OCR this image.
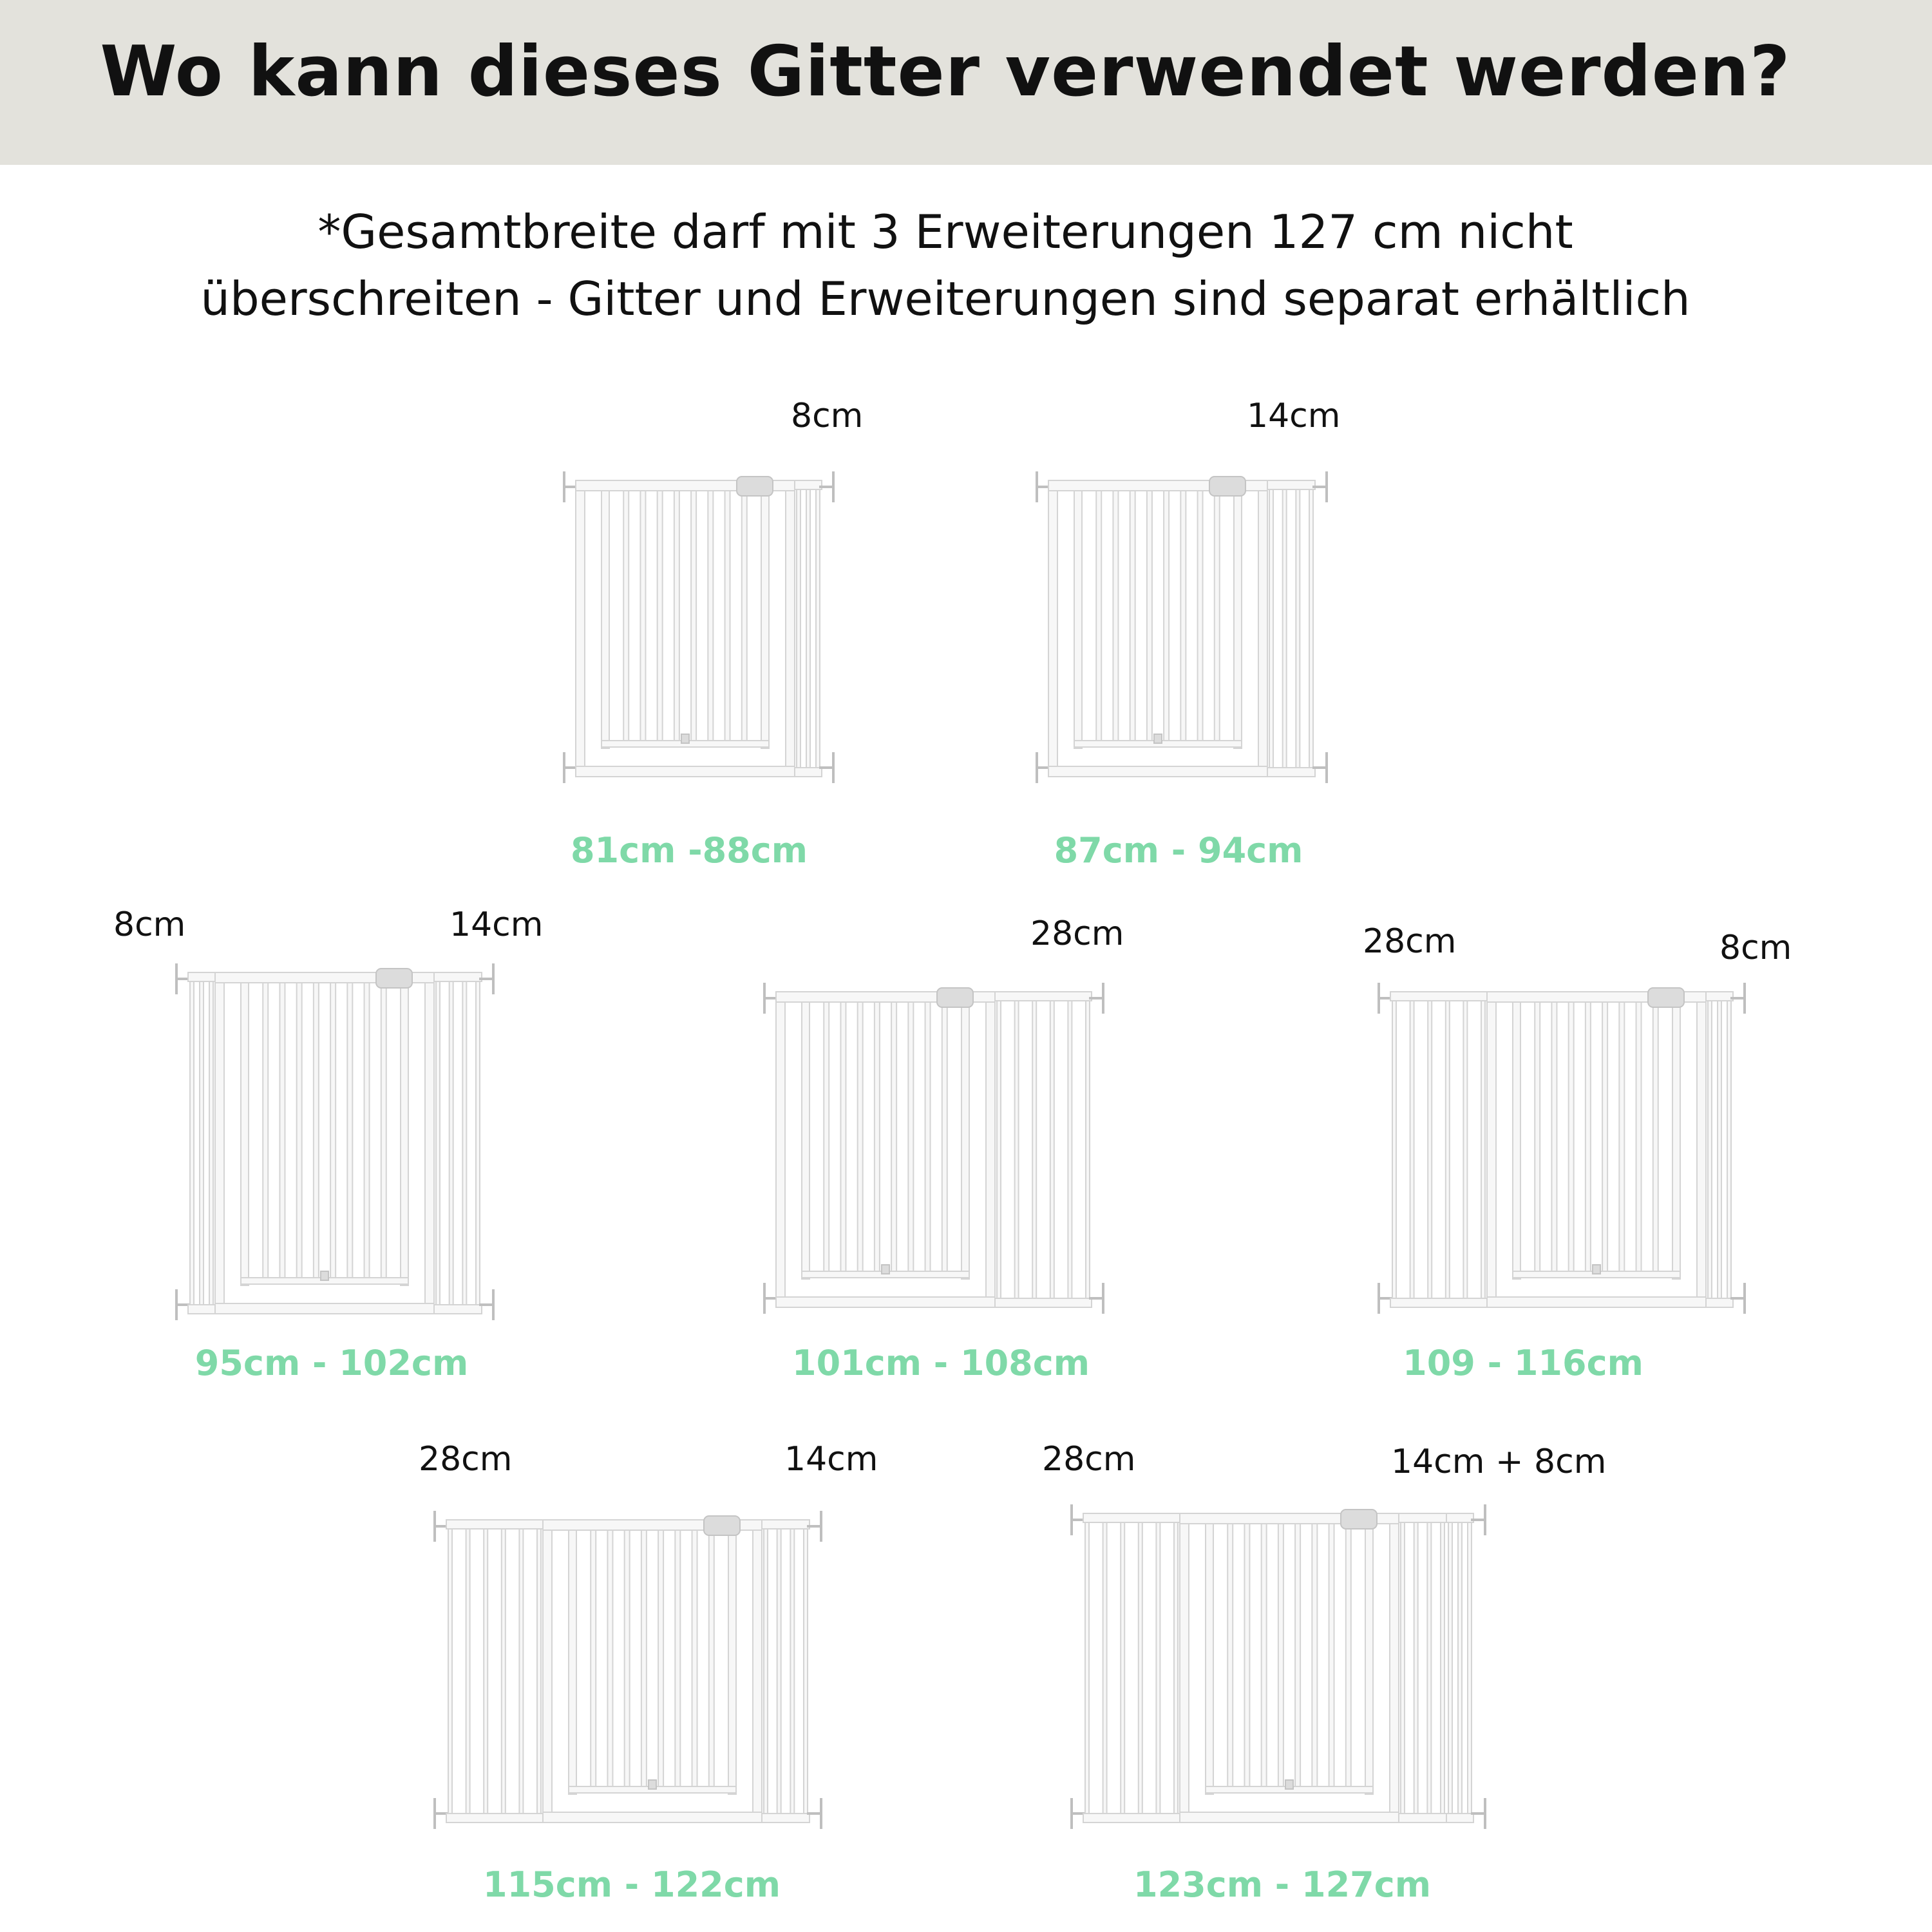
Wo kann dieses Gitter verwendet werden?
*Gesamtbreite darf mit 3 Erweiterungen 127 cm nicht
überschreiten - Gitter und Erweiterungen sind separat erhältlich
8cm
81cm -88cm
14cm
87cm - 94cm
8cm	14cm
95cm - 102cm
28cm
101cm - 108cm
28cm	8cm
109 - 116cm
28cm	14cm
115cm - 122cm
28cm	14cm + 8cm
123cm - 127cm
